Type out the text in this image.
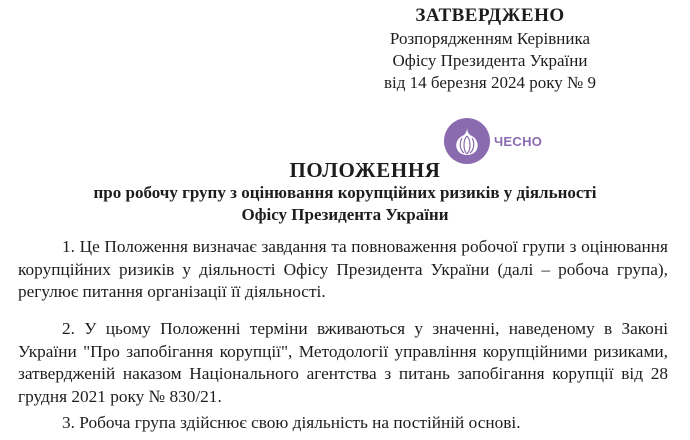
ЗАТВЕРДЖЕНО
Розпорядженням Керівника
Офісу Президента України
від 14 березня 2024 року № 9
ЧЕСНО
ПОЛОЖЕННЯ
про робочу групу з оцінювання корупційних ризиків у діяльності
Офісу Президента України

1. Це Положення визначає завдання та повноваження робочої групи з оцінювання корупційних ризиків у діяльності Офісу Президента України (далі – робоча група), регулює питання організації її діяльності.

2. У цьому Положенні терміни вживаються у значенні, наведеному в Законі України "Про запобігання корупції", Методології управління корупційними ризиками, затвердженій наказом Національного агентства з питань запобігання корупції від 28 грудня 2021 року № 830/21.

3. Робоча група здійснює свою діяльність на постійній основі.
